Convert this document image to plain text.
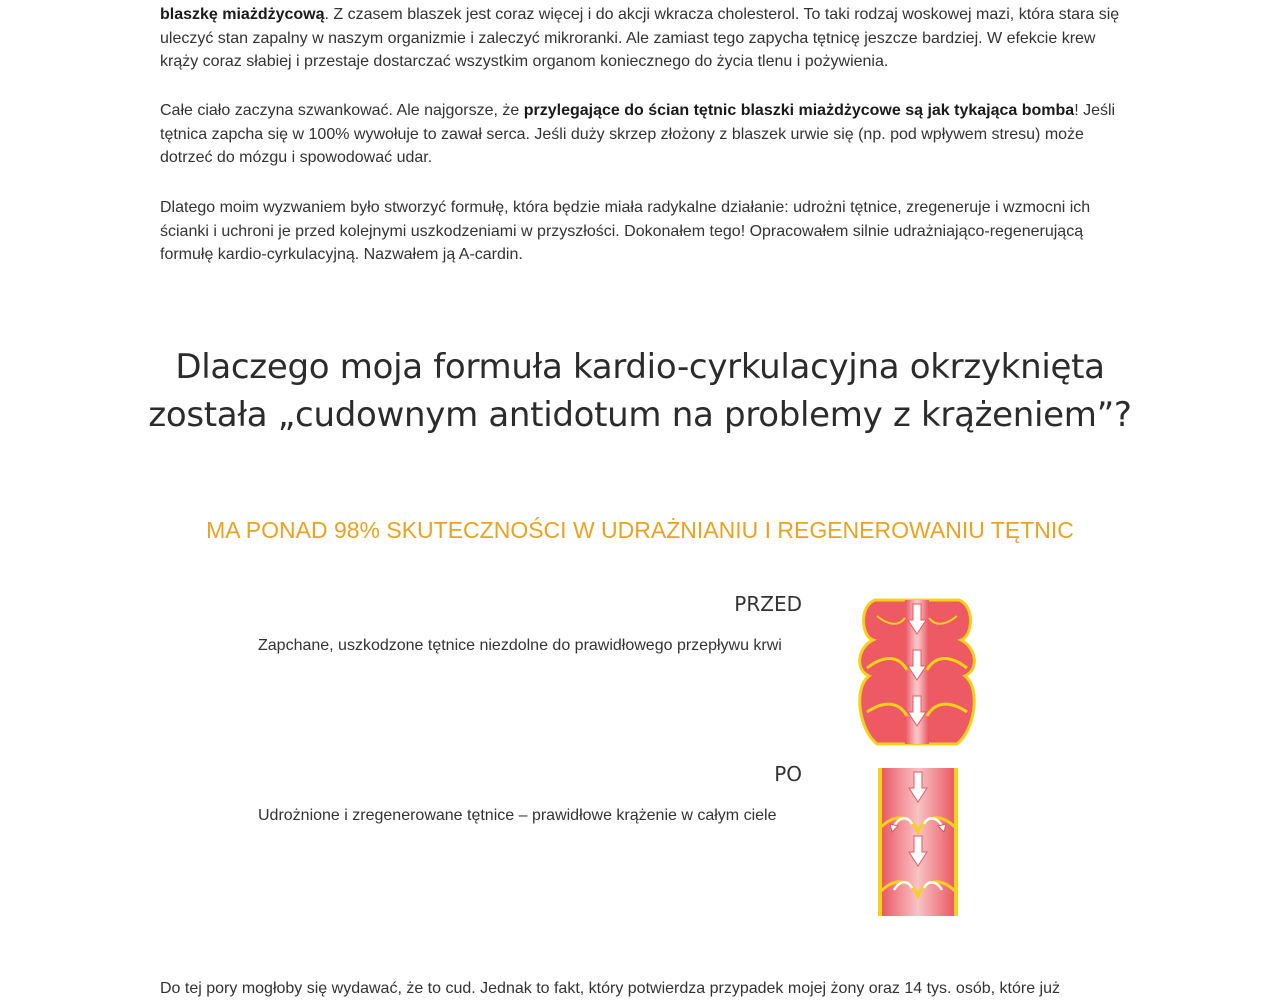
blaszkę miażdżycową. Z czasem blaszek jest coraz więcej i do akcji wkracza cholesterol. To taki rodzaj woskowej mazi, która stara się uleczyć stan zapalny w naszym organizmie i zaleczyć mikroranki. Ale zamiast tego zapycha tętnicę jeszcze bardziej. W efekcie krew krąży coraz słabiej i przestaje dostarczać wszystkim organom koniecznego do życia tlenu i pożywienia.

Całe ciało zaczyna szwankować. Ale najgorsze, że przylegające do ścian tętnic blaszki miażdżycowe są jak tykająca bomba! Jeśli tętnica zapcha się w 100% wywołuje to zawał serca. Jeśli duży skrzep złożony z blaszek urwie się (np. pod wpływem stresu) może dotrzeć do mózgu i spowodować udar.

Dlatego moim wyzwaniem było stworzyć formułę, która będzie miała radykalne działanie: udrożni tętnice, zregeneruje i wzmocni ich ścianki i uchroni je przed kolejnymi uszkodzeniami w przyszłości. Dokonałem tego! Opracowałem silnie udrażniająco-regenerującą formułę kardio-cyrkulacyjną. Nazwałem ją A-cardin.

Do tej pory mogłoby się wydawać, że to cud. Jednak to fakt, który potwierdza przypadek mojej żony oraz 14 tys. osób, które już

Dlaczego moja formuła kardio-cyrkulacyjna okrzyknięta
została „cudownym antidotum na problemy z krążeniem”?
MA PONAD 98% SKUTECZNOŚCI W UDRAŻNIANIU I REGENEROWANIU TĘTNIC
PRZED

Zapchane, uszkodzone tętnice niezdolne do prawidłowego przepływu krwi

PO

Udrożnione i zregenerowane tętnice – prawidłowe krążenie w całym ciele
